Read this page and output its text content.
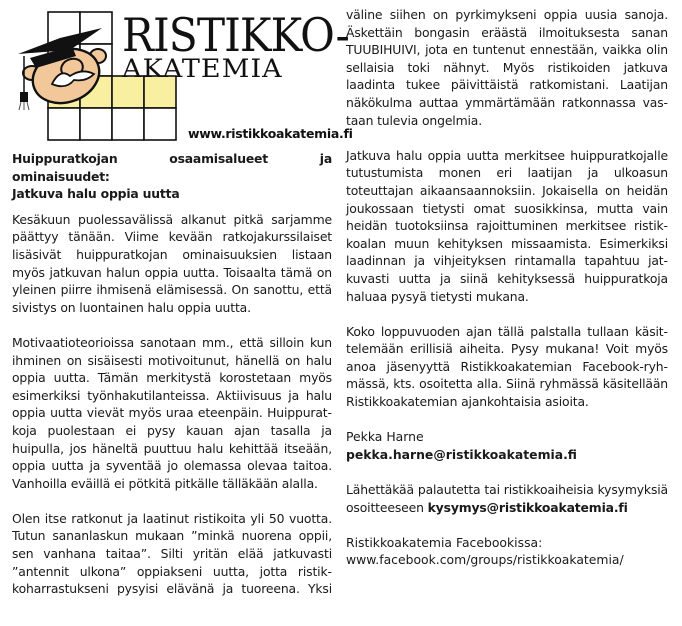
RISTIKKO-
AKATEMIA
www.ristikkoakatemia.fi
Huippuratkojan osaamisalueet ja ominaisuudet:
Jatkuva halu oppia uutta

Kesäkuun puolessavälissä alkanut pitkä sarjamme päättyy tänään. Viime kevään ratkojakurssilaiset lisäsivät huippuratkojan ominaisuuksien listaan myös jatkuvan halun oppia uutta. Toisaalta tämä on yleinen piirre ihmisenä elämisessä. On sanottu, että sivistys on luontainen halu oppia uutta.

Motivaatioteorioissa sanotaan mm., että silloin kun ihminen on sisäisesti motivoitunut, hänellä on halu oppia uutta. Tämän merkitystä korostetaan myös esimerkiksi työnhakutilanteissa. Aktiivisuus ja halu oppia uutta vievät myös uraa eteenpäin. Huippuratkoja puolestaan ei pysy kauan ajan tasalla ja huipulla, jos häneltä puuttuu halu kehittää itseään, oppia uutta ja syventää jo olemassa olevaa taitoa. Vanhoilla eväillä ei pötkitä pitkälle tälläkään alalla.

Olen itse ratkonut ja laatinut ristikoita yli 50 vuotta. Tutun sananlaskun mukaan ”minkä nuorena oppii, sen vanhana taitaa”. Silti yritän elää jatkuvasti ”antennit ulkona” oppiakseni uutta, jotta ristikkoharrastukseni pysyisi elävänä ja tuoreena. Yksi

väline siihen on pyrkimykseni oppia uusia sanoja. Äskettäin bongasin eräästä ilmoituksesta sanan TUUBIHUIVI, jota en tuntenut ennestään, vaikka olin sellaisia toki nähnyt. Myös ristikoiden jatkuva laadinta tukee päivittäistä ratkomistani. Laatijan näkökulma auttaa ymmärtämään ratkonnassa vastaan tulevia ongelmia.

Jatkuva halu oppia uutta merkitsee huippuratkojalle tutustumista monen eri laatijan ja ulkoasun toteuttajan aikaansaannoksiin. Jokaisella on heidän joukossaan tietysti omat suosikkinsa, mutta vain heidän tuotoksiinsa rajoittuminen merkitsee ristikkoalan muun kehityksen missaamista. Esimerkiksi laadinnan ja vihjeityksen rintamalla tapahtuu jatkuvasti uutta ja siinä kehityksessä huippuratkoja haluaa pysyä tietysti mukana.

Koko loppuvuoden ajan tällä palstalla tullaan käsittelemään erillisiä aiheita. Pysy mukana! Voit myös anoa jäsenyyttä Ristikkoakatemian Facebook-ryhmässä, kts. osoitetta alla. Siinä ryhmässä käsitellään Ristikkoakatemian ajankohtaisia asioita.

Pekka Harne
pekka.harne@ristikkoakatemia.fi

Lähettäkää palautetta tai ristikkoaiheisia kysymyksiä osoitteeseen kysymys@ristikkoakatemia.fi

Ristikkoakatemia Facebookissa:
www.facebook.com/groups/ristikkoakatemia/
